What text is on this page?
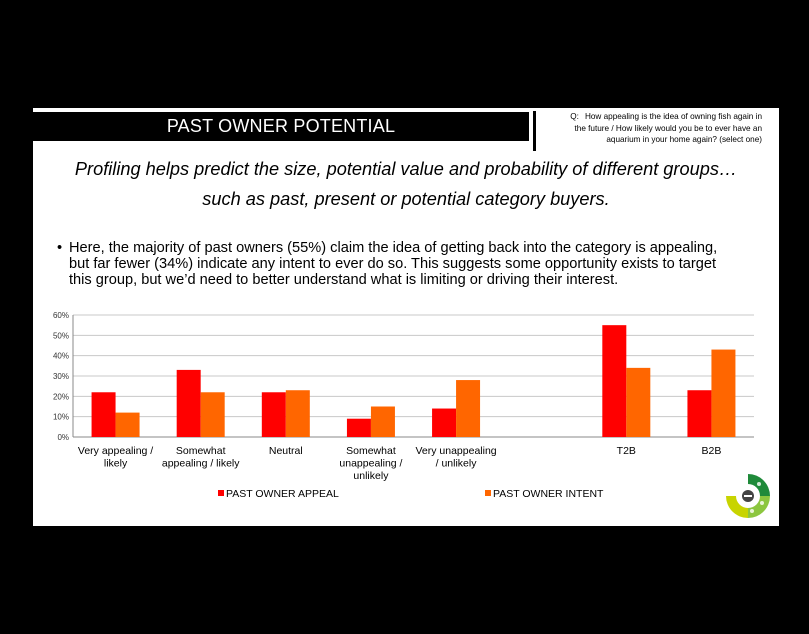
PAST OWNER POTENTIAL	Q: How appealing is the idea of owning fish again in
the future / How likely would you be to ever have an
aquarium in your home again? (select one)
Profiling helps predict the size, potential value and probability of different groups…
such as past, present or potential category buyers.
• Here, the majority of past owners (55%) claim the idea of getting back into the category is appealing,
but far fewer (34%) indicate any intent to ever do so. This suggests some opportunity exists to target
this group, but we’d need to better understand what is limiting or driving their interest.
0%
10%
20%
30%
40%
50%
60%
Very appealing /
likely
Somewhat
appealing / likely
Neutral	Somewhat
unappealing /
unlikely
Very unappealing
/ unlikely
T2B	B2B
PAST OWNER APPEAL	PAST OWNER INTENT
